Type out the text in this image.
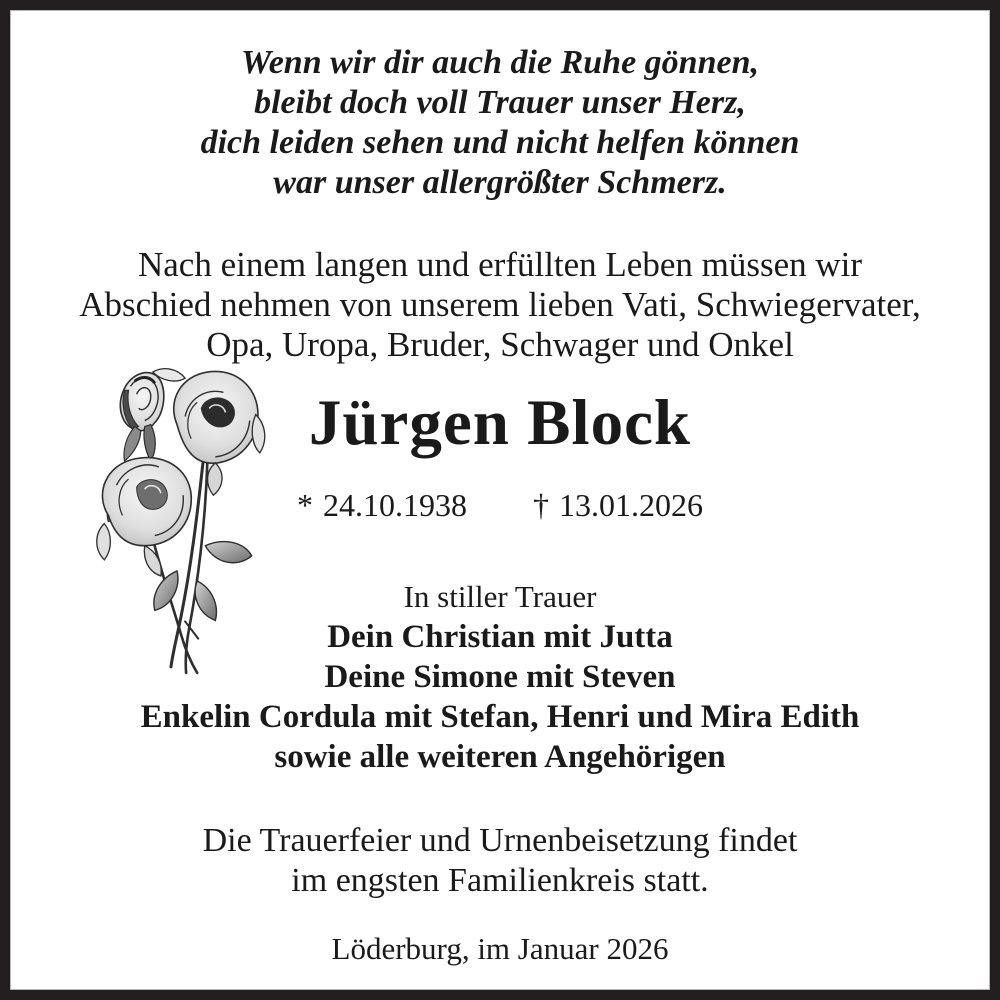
Wenn wir dir auch die Ruhe gönnen,
bleibt doch voll Trauer unser Herz,
dich leiden sehen und nicht helfen können
war unser allergrößter Schmerz.
Nach einem langen und erfüllten Leben müssen wir
Abschied nehmen von unserem lieben Vati, Schwiegervater,
Opa, Uropa, Bruder, Schwager und Onkel
Jürgen Block
* 24.10.1938 † 13.01.2026
In stiller Trauer
Dein Christian mit Jutta
Deine Simone mit Steven
Enkelin Cordula mit Stefan, Henri und Mira Edith
sowie alle weiteren Angehörigen
Die Trauerfeier und Urnenbeisetzung findet
im engsten Familienkreis statt.
Löderburg, im Januar 2026
